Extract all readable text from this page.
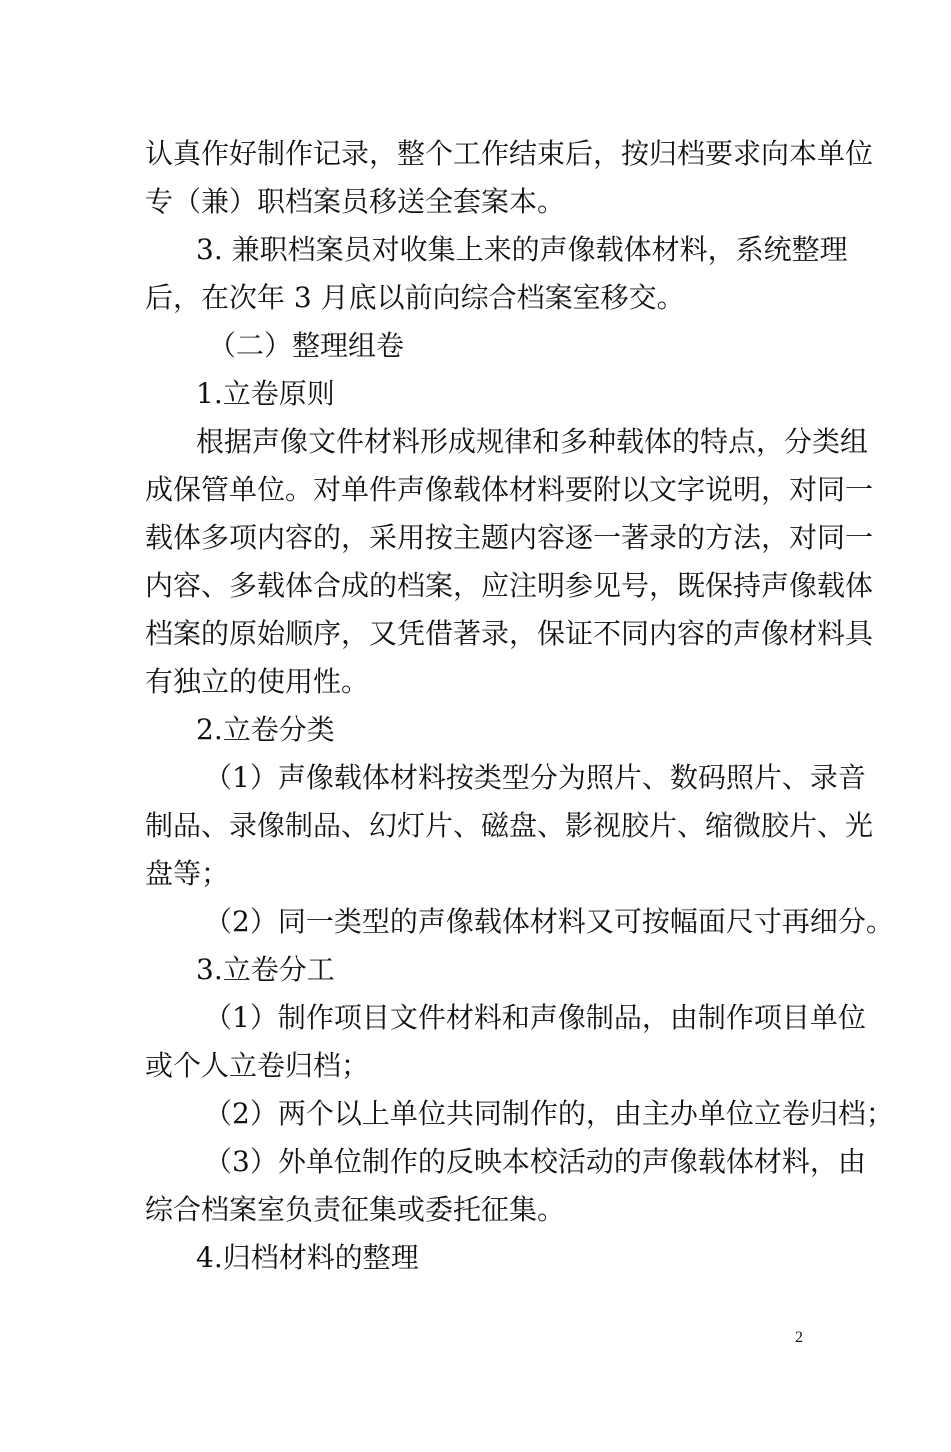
认真作好制作记录，整个工作结束后，按归档要求向本单位
专（兼）职档案员移送全套案本。
3. 兼职档案员对收集上来的声像载体材料，系统整理
后，在次年 3 月底以前向综合档案室移交。
（二）整理组卷
1.立卷原则
根据声像文件材料形成规律和多种载体的特点，分类组
成保管单位。对单件声像载体材料要附以文字说明，对同一
载体多项内容的，采用按主题内容逐一著录的方法，对同一
内容、多载体合成的档案，应注明参见号，既保持声像载体
档案的原始顺序，又凭借著录，保证不同内容的声像材料具
有独立的使用性。
2.立卷分类
（1）声像载体材料按类型分为照片、数码照片、录音
制品、录像制品、幻灯片、磁盘、影视胶片、缩微胶片、光
盘等；
（2）同一类型的声像载体材料又可按幅面尺寸再细分。
3.立卷分工
（1）制作项目文件材料和声像制品，由制作项目单位
或个人立卷归档；
（2）两个以上单位共同制作的，由主办单位立卷归档；
（3）外单位制作的反映本校活动的声像载体材料，由
综合档案室负责征集或委托征集。
4.归档材料的整理
2
